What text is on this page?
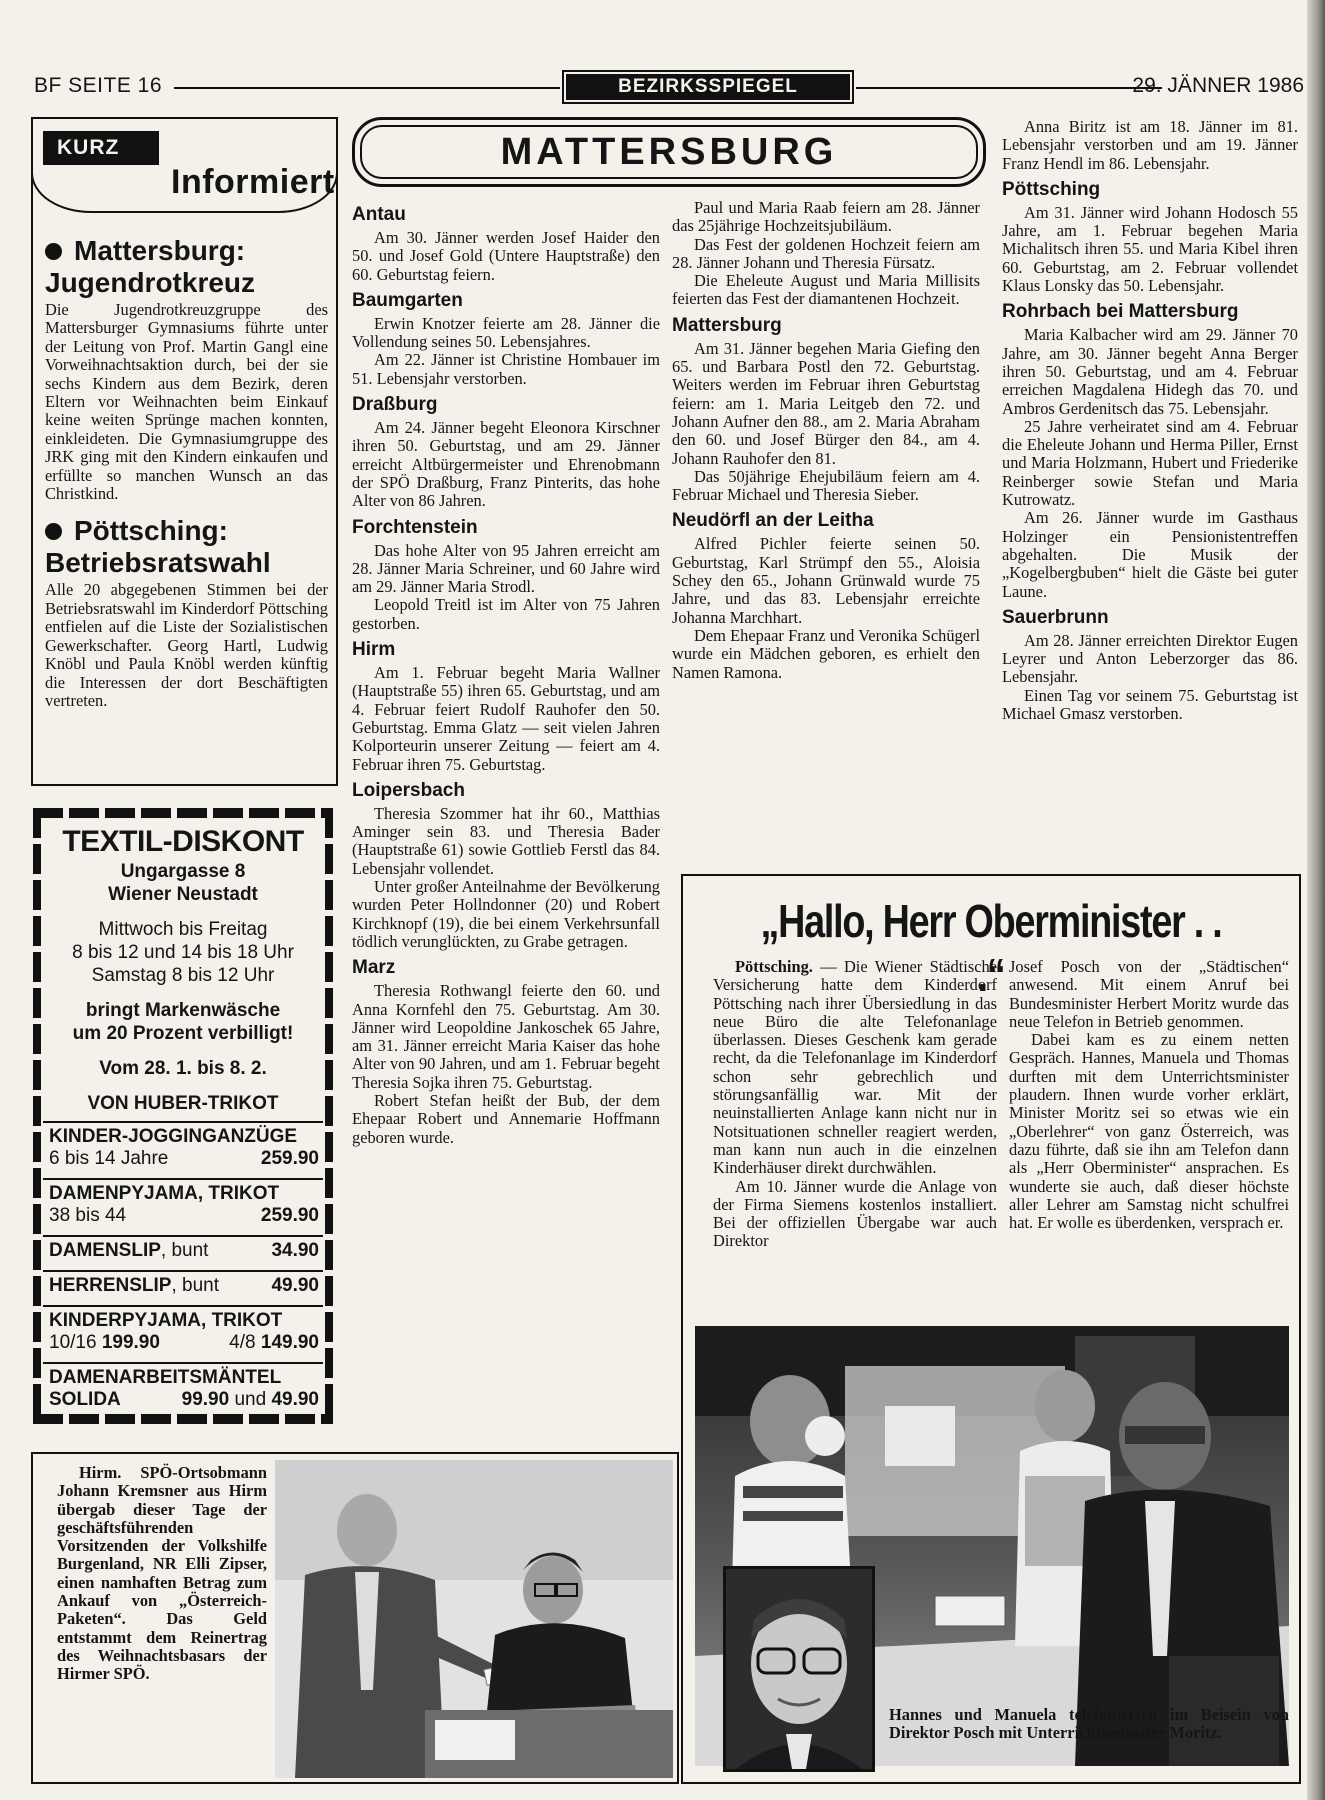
BF SEITE 16	BEZIRKSSPIEGEL	29. JÄNNER 1986
KURZ
Informiert
Mattersburg:
Jugendrotkreuz

Die Jugendrotkreuzgruppe des Mattersburger Gymnasiums führte unter der Leitung von Prof. Martin Gangl eine Vorweihnachtsaktion durch, bei der sie sechs Kindern aus dem Bezirk, deren Eltern vor Weihnachten beim Einkauf keine weiten Sprünge machen konnten, einkleideten. Die Gymnasiumgruppe des JRK ging mit den Kindern einkaufen und erfüllte so manchen Wunsch an das Christkind.

Pöttsching:
Betriebsratswahl

Alle 20 abgegebenen Stimmen bei der Betriebsratswahl im Kinderdorf Pöttsching entfielen auf die Liste der Sozialistischen Gewerkschafter. Georg Hartl, Ludwig Knöbl und Paula Knöbl werden künftig die Interessen der dort Beschäftigten vertreten.

TEXTIL-DISKONT
Ungargasse 8
Wiener Neustadt
Mittwoch bis Freitag
8 bis 12 und 14 bis 18 Uhr
Samstag 8 bis 12 Uhr
bringt Markenwäsche
um 20 Prozent verbilligt!
Vom 28. 1. bis 8. 2.
VON HUBER-TRIKOT
KINDER-JOGGINGANZÜGE
6 bis 14 Jahre	259.90
DAMENPYJAMA, TRIKOT
38 bis 44	259.90
DAMENSLIP, bunt	34.90
HERRENSLIP, bunt	49.90
KINDERPYJAMA, TRIKOT
10/16 199.90	4/8 149.90
DAMENARBEITSMÄNTEL
SOLIDA	99.90 und 49.90
MATTERSBURG
Antau

Am 30. Jänner werden Josef Haider den 50. und Josef Gold (Untere Hauptstraße) den 60. Geburtstag feiern.

Baumgarten

Erwin Knotzer feierte am 28. Jänner die Vollendung seines 50. Lebensjahres.

Am 22. Jänner ist Christine Hombauer im 51. Lebensjahr verstorben.

Draßburg

Am 24. Jänner begeht Eleonora Kirschner ihren 50. Geburtstag, und am 29. Jänner erreicht Altbürgermeister und Ehrenobmann der SPÖ Draßburg, Franz Pinterits, das hohe Alter von 86 Jahren.

Forchtenstein

Das hohe Alter von 95 Jahren erreicht am 28. Jänner Maria Schreiner, und 60 Jahre wird am 29. Jänner Maria Strodl.

Leopold Treitl ist im Alter von 75 Jahren gestorben.

Hirm

Am 1. Februar begeht Maria Wallner (Hauptstraße 55) ihren 65. Geburtstag, und am 4. Februar feiert Rudolf Rauhofer den 50. Geburtstag. Emma Glatz — seit vielen Jahren Kolporteurin unserer Zeitung — feiert am 4. Februar ihren 75. Geburtstag.

Loipersbach

Theresia Szommer hat ihr 60., Matthias Aminger sein 83. und Theresia Bader (Hauptstraße 61) sowie Gottlieb Ferstl das 84. Lebensjahr vollendet.

Unter großer Anteilnahme der Bevölkerung wurden Peter Hollndonner (20) und Robert Kirchknopf (19), die bei einem Verkehrsunfall tödlich verunglückten, zu Grabe getragen.

Marz

Theresia Rothwangl feierte den 60. und Anna Kornfehl den 75. Geburtstag. Am 30. Jänner wird Leopoldine Jankoschek 65 Jahre, am 31. Jänner erreicht Maria Kaiser das hohe Alter von 90 Jahren, und am 1. Februar begeht Theresia Sojka ihren 75. Geburtstag.

Robert Stefan heißt der Bub, der dem Ehepaar Robert und Annemarie Hoffmann geboren wurde.

Paul und Maria Raab feiern am 28. Jänner das 25jährige Hochzeitsjubiläum.

Das Fest der goldenen Hochzeit feiern am 28. Jänner Johann und Theresia Fürsatz.

Die Eheleute August und Maria Millisits feierten das Fest der diamantenen Hochzeit.

Mattersburg

Am 31. Jänner begehen Maria Giefing den 65. und Barbara Postl den 72. Geburtstag. Weiters werden im Februar ihren Geburtstag feiern: am 1. Maria Leitgeb den 72. und Johann Aufner den 88., am 2. Maria Abraham den 60. und Josef Bürger den 84., am 4. Johann Rauhofer den 81.

Das 50jährige Ehejubiläum feiern am 4. Februar Michael und Theresia Sieber.

Neudörfl an der Leitha

Alfred Pichler feierte seinen 50. Geburtstag, Karl Strümpf den 55., Aloisia Schey den 65., Johann Grünwald wurde 75 Jahre, und das 83. Lebensjahr erreichte Johanna Marchhart.

Dem Ehepaar Franz und Veronika Schügerl wurde ein Mädchen geboren, es erhielt den Namen Ramona.

Anna Biritz ist am 18. Jänner im 81. Lebensjahr verstorben und am 19. Jänner Franz Hendl im 86. Lebensjahr.

Pöttsching

Am 31. Jänner wird Johann Hodosch 55 Jahre, am 1. Februar begehen Maria Michalitsch ihren 55. und Maria Kibel ihren 60. Geburtstag, am 2. Februar vollendet Klaus Lonsky das 50. Lebensjahr.

Rohrbach bei Mattersburg

Maria Kalbacher wird am 29. Jänner 70 Jahre, am 30. Jänner begeht Anna Berger ihren 50. Geburtstag, und am 4. Februar erreichen Magdalena Hidegh das 70. und Ambros Gerdenitsch das 75. Lebensjahr.

25 Jahre verheiratet sind am 4. Februar die Eheleute Johann und Herma Piller, Ernst und Maria Holzmann, Hubert und Friederike Reinberger sowie Stefan und Maria Kutrowatz.

Am 26. Jänner wurde im Gasthaus Holzinger ein Pensionistentreffen abgehalten. Die Musik der „Kogelbergbuben“ hielt die Gäste bei guter Laune.

Sauerbrunn

Am 28. Jänner erreichten Direktor Eugen Leyrer und Anton Leberzorger das 86. Lebensjahr.

Einen Tag vor seinem 75. Geburtstag ist Michael Gmasz verstorben.

„Hallo, Herr Oberminister . . .“

Pöttsching. — Die Wiener Städtische Versicherung hatte dem Kinderdorf Pöttsching nach ihrer Übersiedlung in das neue Büro die alte Telefonanlage überlassen. Dieses Geschenk kam gerade recht, da die Telefonanlage im Kinderdorf schon sehr gebrechlich und störungsanfällig war. Mit der neuinstallierten Anlage kann nicht nur in Notsituationen schneller reagiert werden, man kann nun auch in die einzelnen Kinderhäuser direkt durchwählen.

Am 10. Jänner wurde die Anlage von der Firma Siemens kostenlos installiert. Bei der offiziellen Übergabe war auch Direktor

Josef Posch von der „Städtischen“ anwesend. Mit einem Anruf bei Bundesminister Herbert Moritz wurde das neue Telefon in Betrieb genommen.

Dabei kam es zu einem netten Gespräch. Hannes, Manuela und Thomas durften mit dem Unterrichtsminister plaudern. Ihnen wurde vorher erklärt, Minister Moritz sei so etwas wie ein „Oberlehrer“ von ganz Österreich, was dazu führte, daß sie ihn am Telefon dann als „Herr Oberminister“ ansprachen. Es wunderte sie auch, daß dieser höchste aller Lehrer am Samstag nicht schulfrei hat. Er wolle es überdenken, versprach er.

Hannes und Manuela telefonierten im Beisein von Direktor Posch mit Unterrichtsminister Moritz.

Hirm. SPÖ-Ortsobmann Johann Kremsner aus Hirm übergab dieser Tage der geschäftsführenden Vorsitzenden der Volkshilfe Burgenland, NR Elli Zipser, einen namhaften Betrag zum Ankauf von „Österreich-Paketen“. Das Geld entstammt dem Reinertrag des Weihnachtsbasars der Hirmer SPÖ.
